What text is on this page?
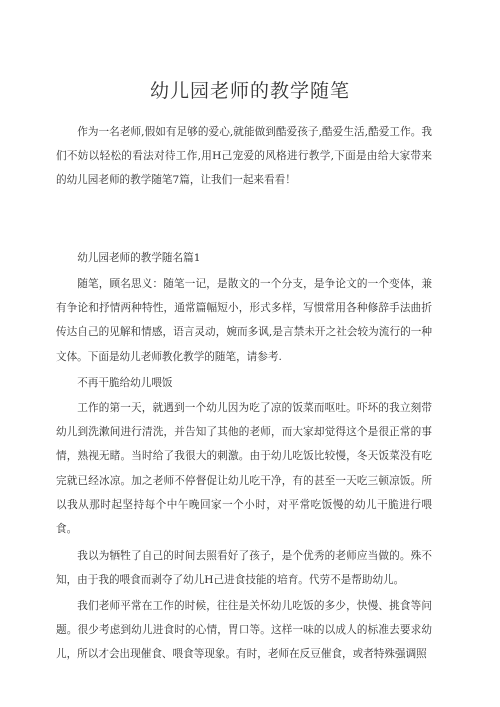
幼儿园老师的教学随笔
作为一名老师,假如有足够的爱心,就能做到酷爱孩子,酷爱生活,酷爱工作。我们不妨以轻松的看法对待工作,用H己宠爱的风格进行教学,下面是由给大家带来的幼儿园老师的教学随笔7篇，让我们一起来看看！
幼儿园老师的教学随名篇1
随笔，顾名思义：随笔一记，是散文的一个分支，是争论文的一个变体，兼有争论和抒情两种特性，通常篇幅短小，形式多样，写惯常用各种修辞手法曲折传达自己的见解和情感，语言灵动，婉而多讽,是言禁未开之社会较为流行的一种文体。下面是幼儿老师教化教学的随笔，请参考.
不再干脆给幼儿喂饭
工作的第一天，就遇到一个幼儿因为吃了凉的饭菜而呕吐。吓坏的我立刻带幼儿到洗漱间进行清洗，并告知了其他的老师，而大家却觉得这个是很正常的事情，熟视无睹。当时给了我很大的刺激。由于幼儿吃饭比较慢，冬天饭菜没有吃完就已经冰凉。加之老师不停督促让幼儿吃干净，有的甚至一天吃三顿凉饭。所以我从那时起坚持每个中午晚回家一个小时，对平常吃饭慢的幼儿干脆进行喂食。
我以为牺牲了自己的时间去照看好了孩子，是个优秀的老师应当做的。殊不知，由于我的喂食而剥夺了幼儿H己进食技能的培育。代劳不是帮助幼儿。
我们老师平常在工作的时候，往往是关怀幼儿吃饭的多少，快慢、挑食等问题。很少考虑到幼儿进食时的心情，胃口等。这样一味的以成人的标准去要求幼儿，所以才会出现催食、喂食等现象。有时，老师在反豆催食，或者特殊强调照
